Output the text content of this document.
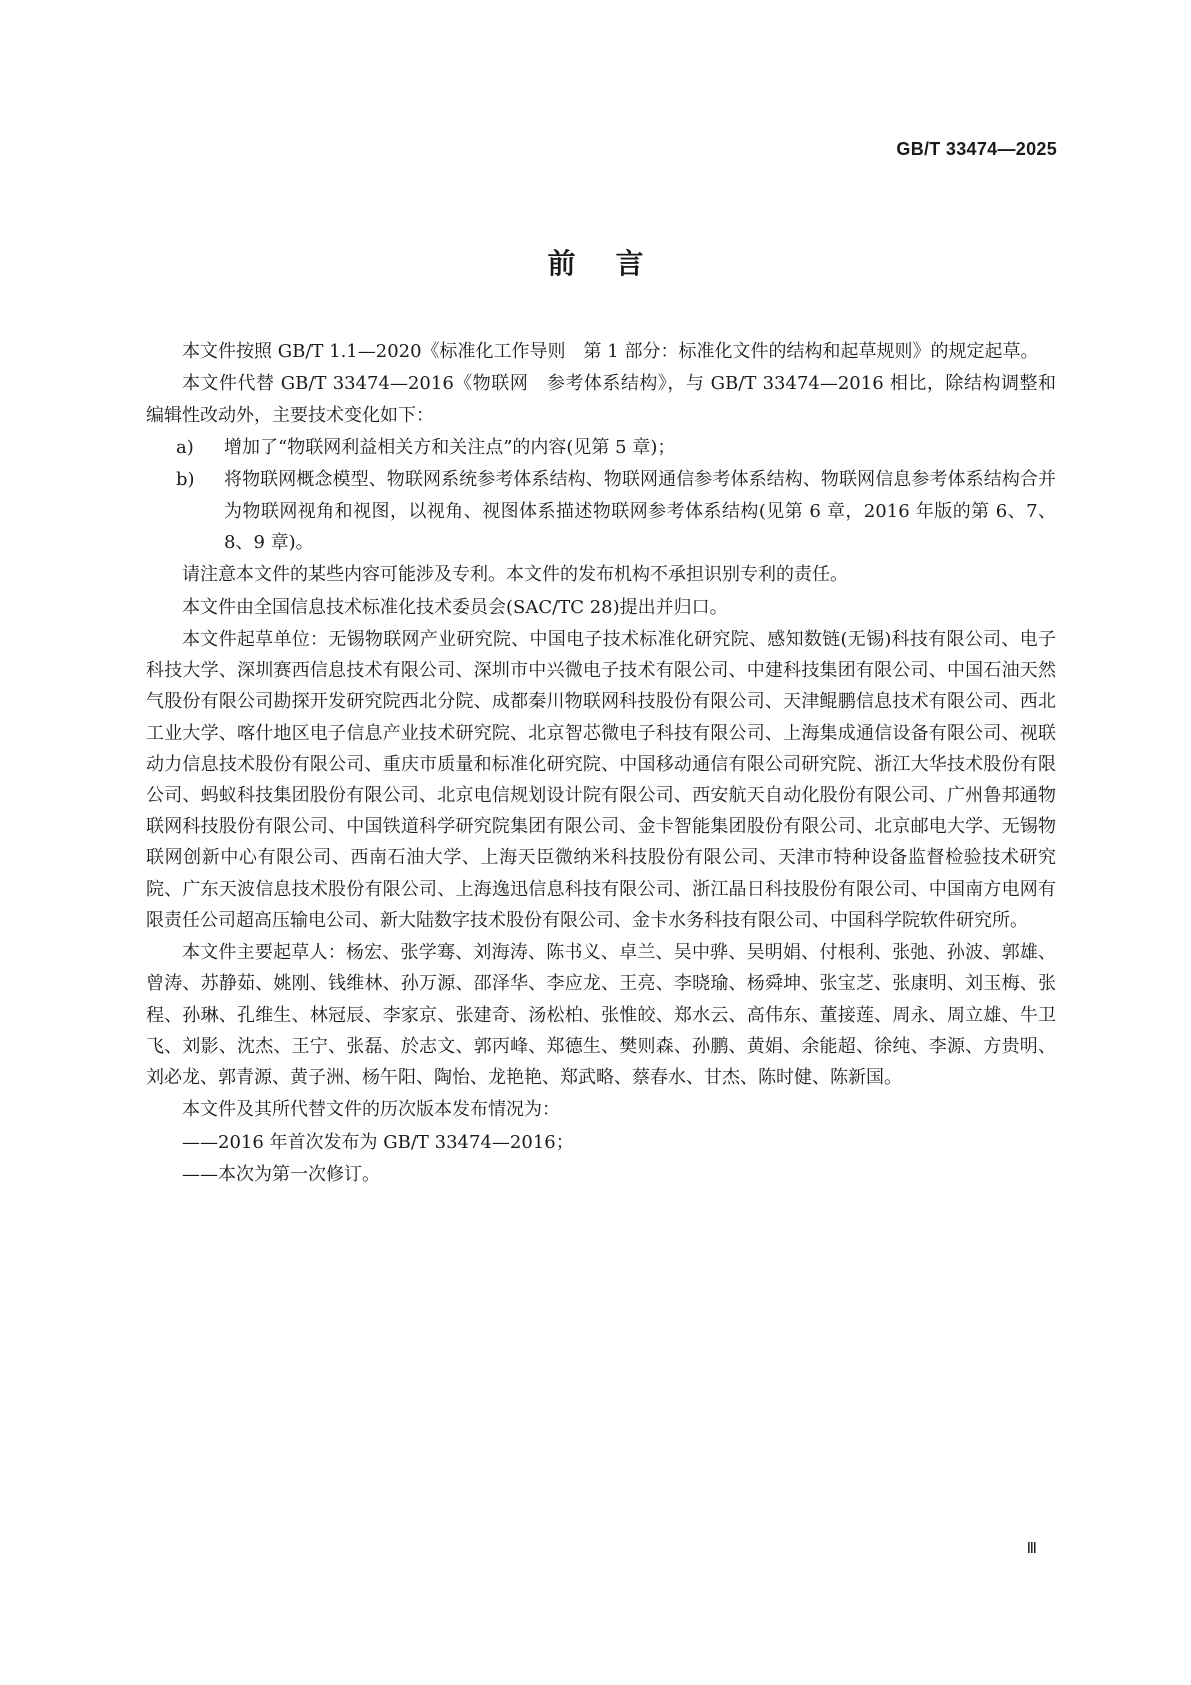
GB/T 33474—2025
前言

本文件按照 GB/T 1.1—2020《标准化工作导则　第 1 部分：标准化文件的结构和起草规则》的规定起草。

本文件代替 GB/T 33474—2016《物联网　参考体系结构》，与 GB/T 33474—2016 相比，除结构调整和编辑性改动外，主要技术变化如下：

a) 增加了“物联网利益相关方和关注点”的内容(见第 5 章)；

b) 将物联网概念模型、物联网系统参考体系结构、物联网通信参考体系结构、物联网信息参考体系结构合并为物联网视角和视图，以视角、视图体系描述物联网参考体系结构(见第 6 章，2016 年版的第 6、7、8、9 章)。

请注意本文件的某些内容可能涉及专利。本文件的发布机构不承担识别专利的责任。

本文件由全国信息技术标准化技术委员会(SAC/TC 28)提出并归口。

本文件起草单位：无锡物联网产业研究院、中国电子技术标准化研究院、感知数链(无锡)科技有限公司、电子科技大学、深圳赛西信息技术有限公司、深圳市中兴微电子技术有限公司、中建科技集团有限公司、中国石油天然气股份有限公司勘探开发研究院西北分院、成都秦川物联网科技股份有限公司、天津鲲鹏信息技术有限公司、西北工业大学、喀什地区电子信息产业技术研究院、北京智芯微电子科技有限公司、上海集成通信设备有限公司、视联动力信息技术股份有限公司、重庆市质量和标准化研究院、中国移动通信有限公司研究院、浙江大华技术股份有限公司、蚂蚁科技集团股份有限公司、北京电信规划设计院有限公司、西安航天自动化股份有限公司、广州鲁邦通物联网科技股份有限公司、中国铁道科学研究院集团有限公司、金卡智能集团股份有限公司、北京邮电大学、无锡物联网创新中心有限公司、西南石油大学、上海天臣微纳米科技股份有限公司、天津市特种设备监督检验技术研究院、广东天波信息技术股份有限公司、上海逸迅信息科技有限公司、浙江晶日科技股份有限公司、中国南方电网有限责任公司超高压输电公司、新大陆数字技术股份有限公司、金卡水务科技有限公司、中国科学院软件研究所。

本文件主要起草人：杨宏、张学骞、刘海涛、陈书义、卓兰、吴中骅、吴明娟、付根利、张弛、孙波、郭雄、曾涛、苏静茹、姚刚、钱维林、孙万源、邵泽华、李应龙、王亮、李晓瑜、杨舜坤、张宝芝、张康明、刘玉梅、张程、孙琳、孔维生、林冠辰、李家京、张建奇、汤松柏、张惟皎、郑水云、高伟东、董接莲、周永、周立雄、牛卫飞、刘影、沈杰、王宁、张磊、於志文、郭丙峰、郑德生、樊则森、孙鹏、黄娟、余能超、徐纯、李源、方贵明、刘必龙、郭青源、黄子洲、杨午阳、陶怡、龙艳艳、郑武略、蔡春水、甘杰、陈时健、陈新国。

本文件及其所代替文件的历次版本发布情况为：

——2016 年首次发布为 GB/T 33474—2016；

——本次为第一次修订。

Ⅲ
